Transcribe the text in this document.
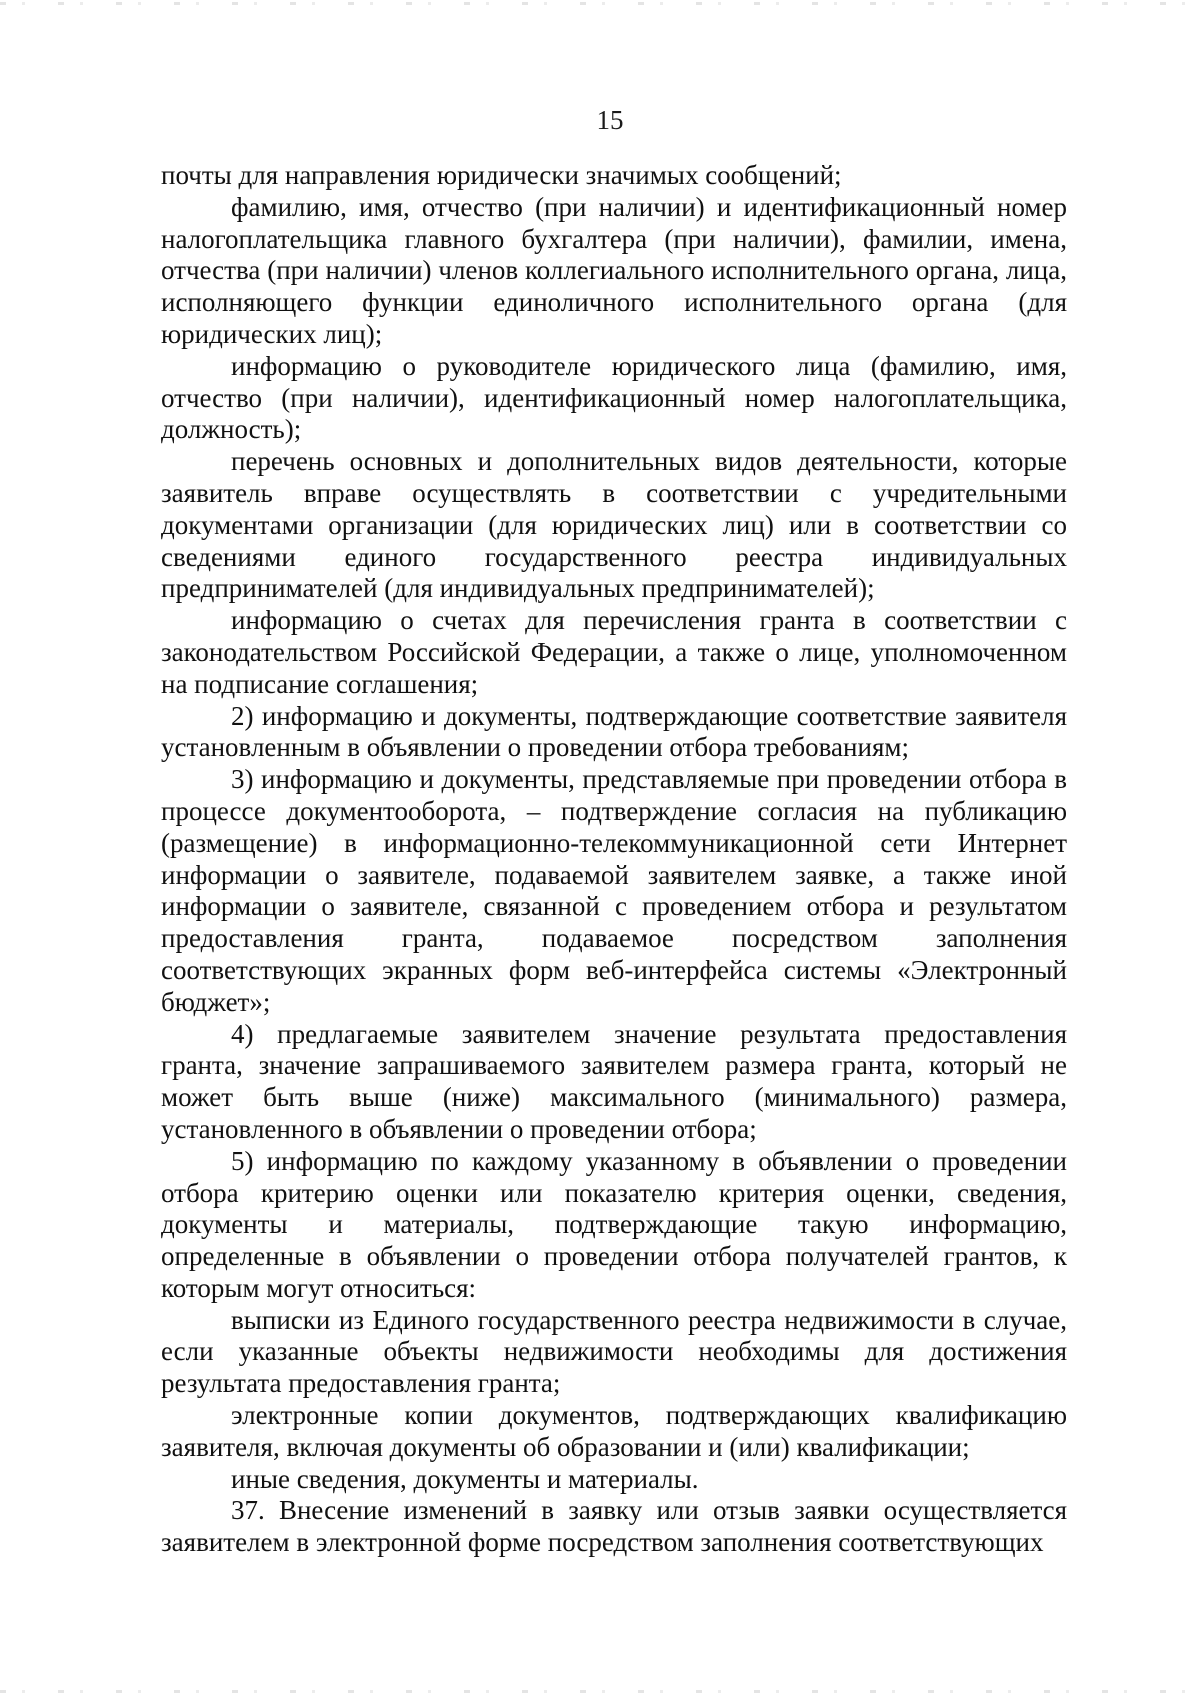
15

почты для направления юридически значимых сообщений;

фамилию, имя, отчество (при наличии) и идентификационный номер налогоплательщика главного бухгалтера (при наличии), фамилии, имена, отчества (при наличии) членов коллегиального исполнительного органа, лица, исполняющего функции единоличного исполнительного органа (для юридических лиц);

информацию о руководителе юридического лица (фамилию, имя, отчество (при наличии), идентификационный номер налогоплательщика, должность);

перечень основных и дополнительных видов деятельности, которые заявитель вправе осуществлять в соответствии с учредительными документами организации (для юридических лиц) или в соответствии со сведениями единого государственного реестра индивидуальных предпринимателей (для индивидуальных предпринимателей);

информацию о счетах для перечисления гранта в соответствии с законодательством Российской Федерации, а также о лице, уполномоченном на подписание соглашения;

2) информацию и документы, подтверждающие соответствие заявителя установленным в объявлении о проведении отбора требованиям;

3) информацию и документы, представляемые при проведении отбора в процессе документооборота, – подтверждение согласия на публикацию (размещение) в информационно-телекоммуникационной сети Интернет информации о заявителе, подаваемой заявителем заявке, а также иной информации о заявителе, связанной с проведением отбора и результатом предоставления гранта, подаваемое посредством заполнения соответствующих экранных форм веб-интерфейса системы «Электронный бюджет»;

4) предлагаемые заявителем значение результата предоставления гранта, значение запрашиваемого заявителем размера гранта, который не может быть выше (ниже) максимального (минимального) размера, установленного в объявлении о проведении отбора;

5) информацию по каждому указанному в объявлении о проведении отбора критерию оценки или показателю критерия оценки, сведения, документы и материалы, подтверждающие такую информацию, определенные в объявлении о проведении отбора получателей грантов, к которым могут относиться:

выписки из Единого государственного реестра недвижимости в случае, если указанные объекты недвижимости необходимы для достижения результата предоставления гранта;

электронные копии документов, подтверждающих квалификацию заявителя, включая документы об образовании и (или) квалификации;

иные сведения, документы и материалы.

37. Внесение изменений в заявку или отзыв заявки осуществляется заявителем в электронной форме посредством заполнения соответствующих
